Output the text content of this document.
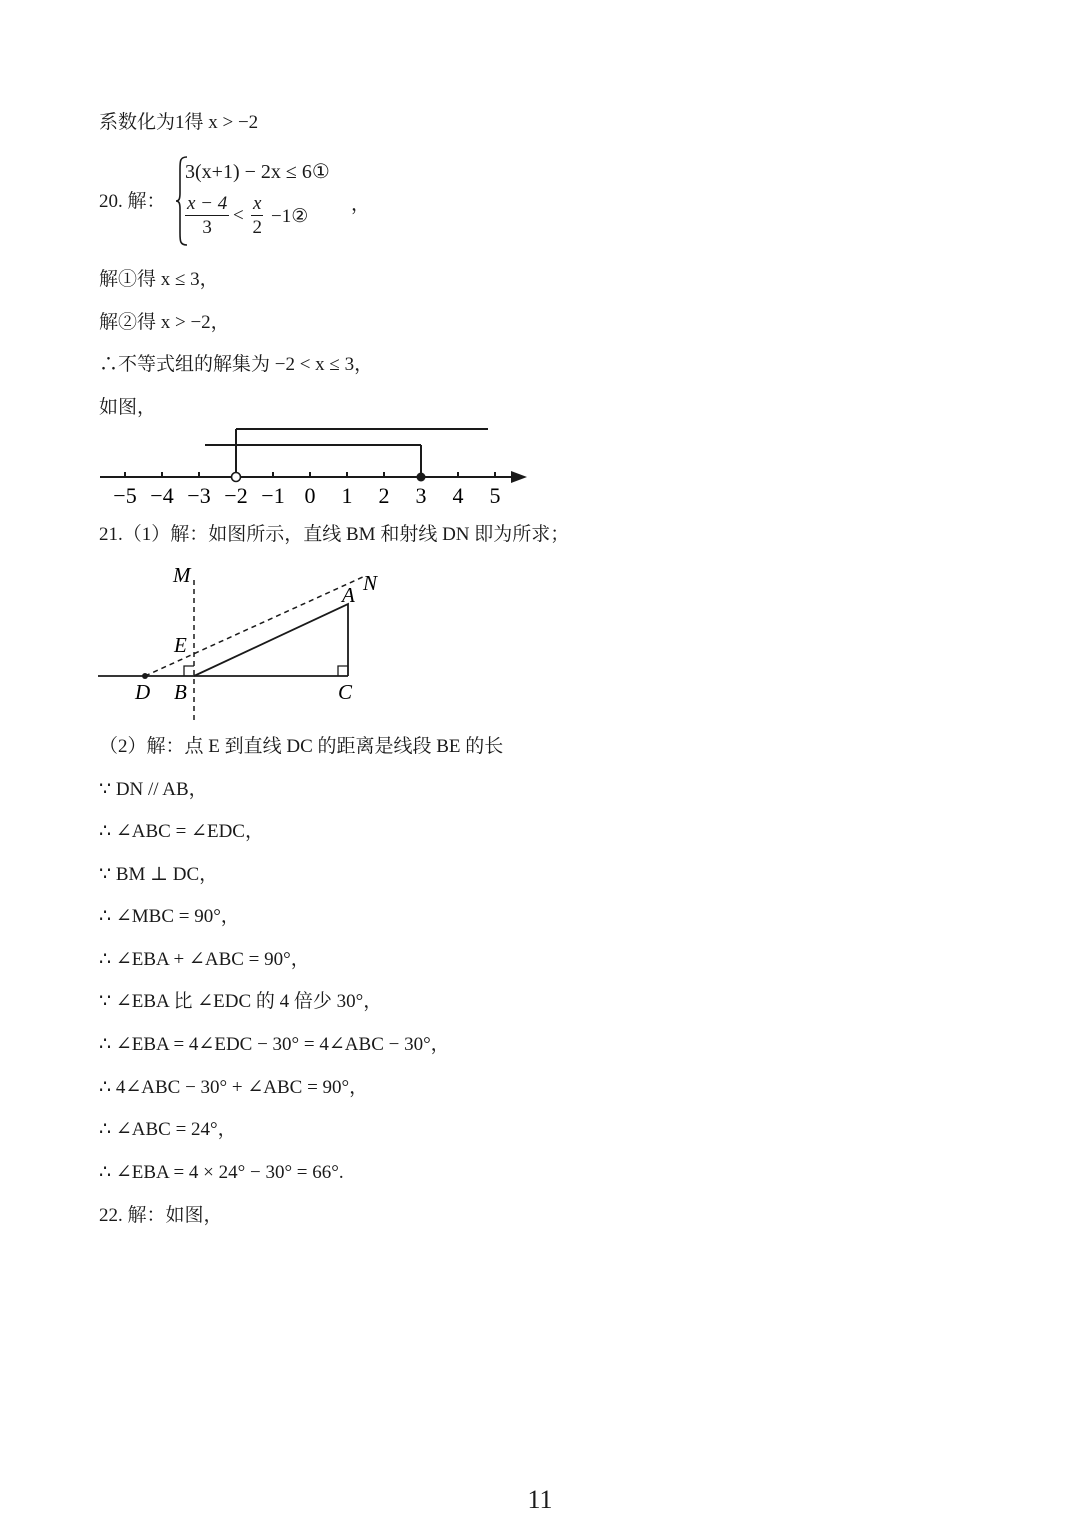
系数化为1得 x > −2
20. 解：
3(x+1) − 2x ≤ 6①
$\frac{x - 4}{3} < \frac{x}{2}$ −1②
，
解①得 x ≤ 3，
解②得 x > −2，
∴不等式组的解集为 −2 < x ≤ 3，
如图，
−5 −4 −3 −2 −1 0 1 2 3 4 5
21.（1）解：如图所示，直线 BM 和射线 DN 即为所求；
M	N
A
E
D B	C
（2）解：点 E 到直线 DC 的距离是线段 BE 的长
∵ DN // AB，
∴ ∠ABC = ∠EDC，
∵ BM ⊥ DC，
∴ ∠MBC = 90°，
∴ ∠EBA + ∠ABC = 90°，
∵ ∠EBA 比 ∠EDC 的 4 倍少 30°，
∴ ∠EBA = 4∠EDC − 30° = 4∠ABC − 30°，
∴ 4∠ABC − 30° + ∠ABC = 90°，
∴ ∠ABC = 24°，
∴ ∠EBA = 4 × 24° − 30° = 66°.
22. 解：如图，
11
